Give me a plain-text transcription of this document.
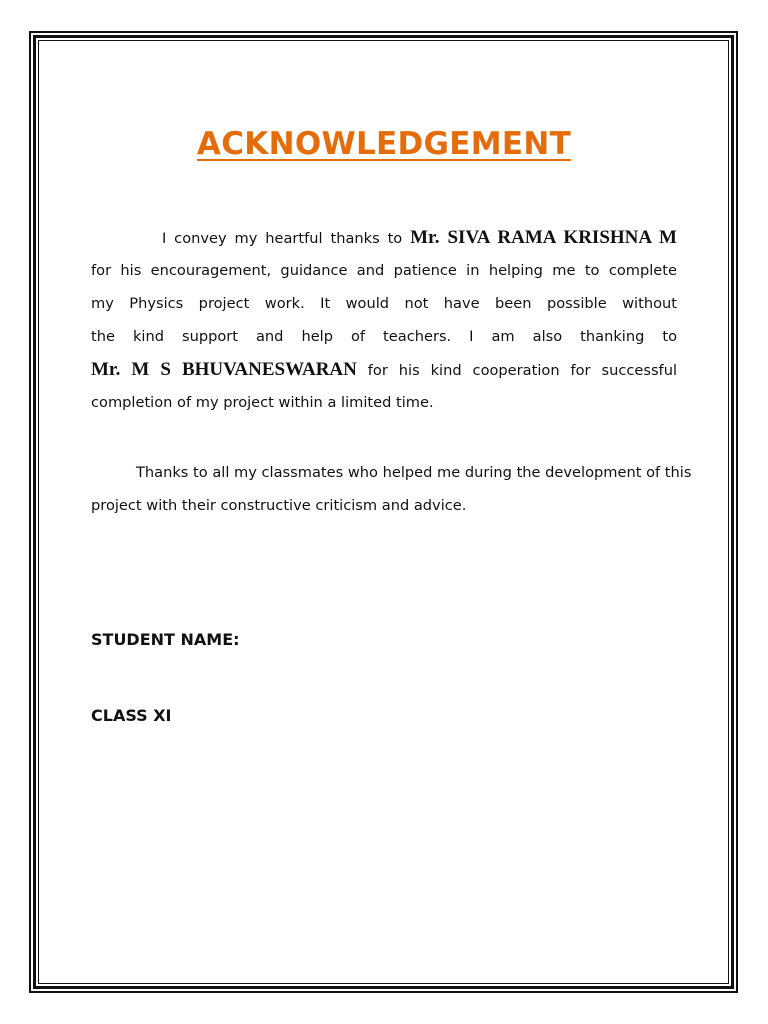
ACKNOWLEDGEMENT
I convey my heartful thanks to Mr. SIVA RAMA KRISHNA M
for his encouragement, guidance and patience in helping me to complete
my Physics project work. It would not have been possible without
the kind support and help of teachers. I am also thanking to
Mr. M S BHUVANESWARAN for his kind cooperation for successful
completion of my project within a limited time.
Thanks to all my classmates who helped me during the development of this
project with their constructive criticism and advice.
STUDENT NAME:
CLASS XI
